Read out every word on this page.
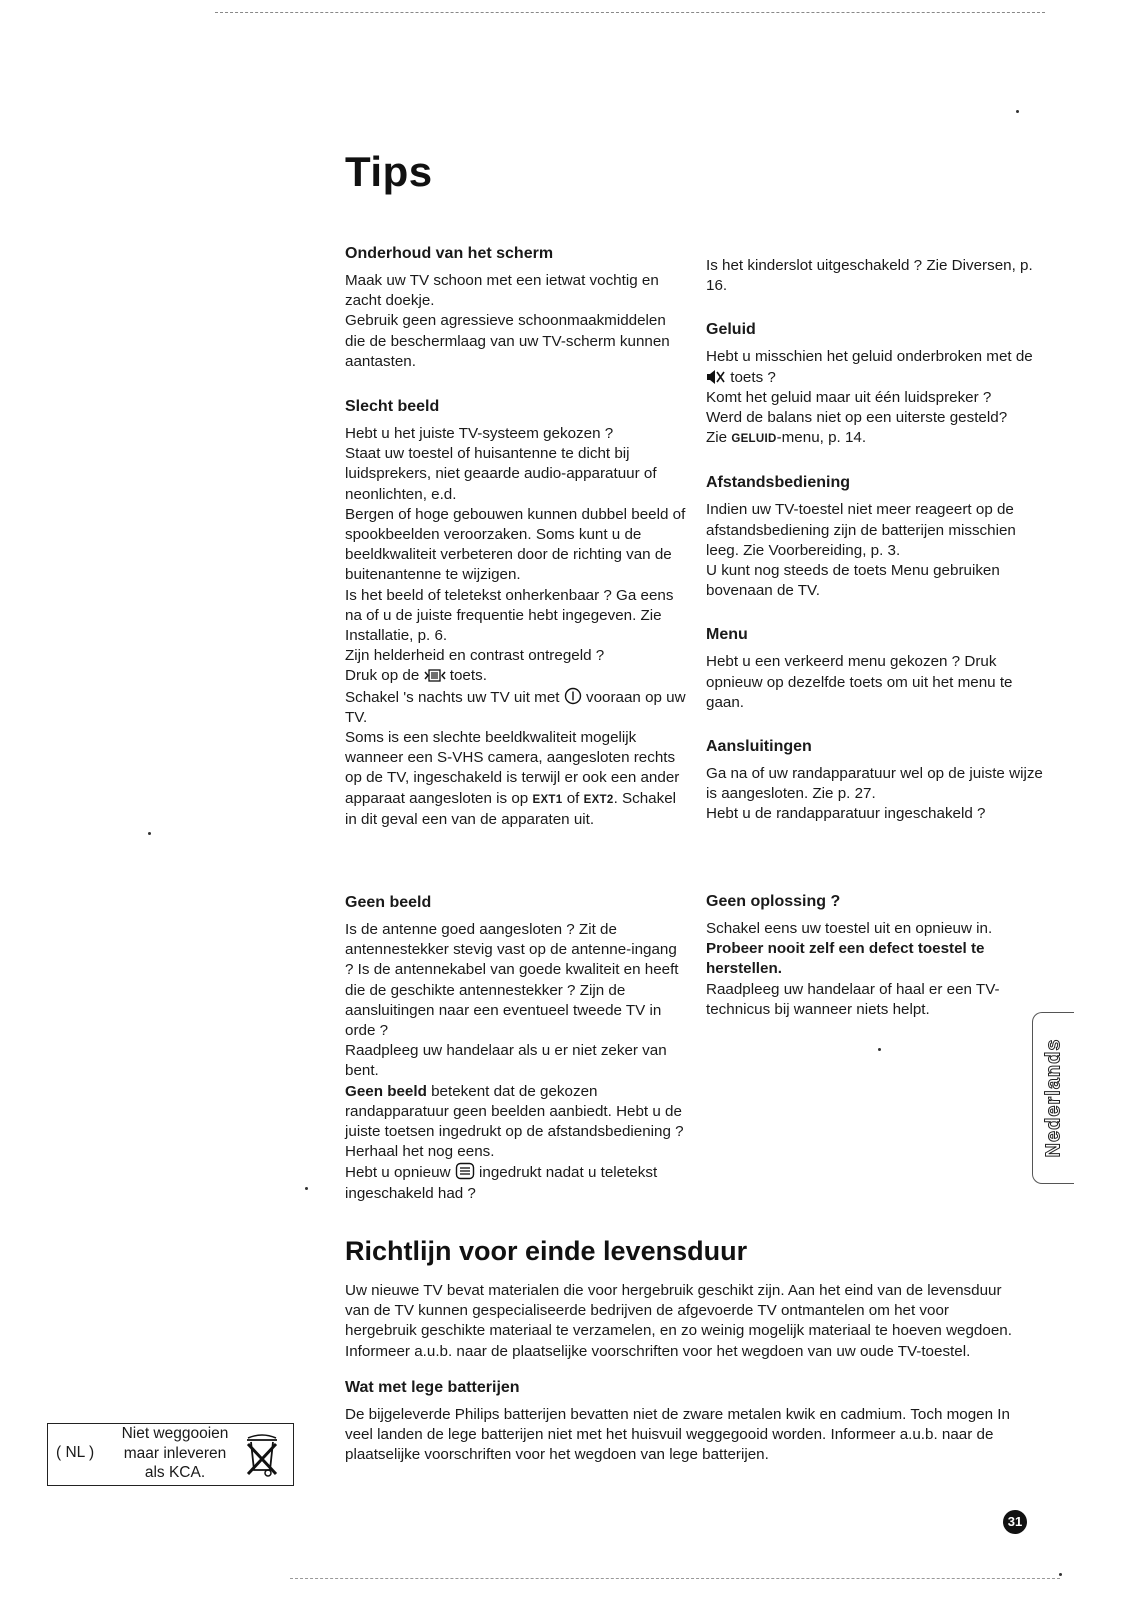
Tips
Onderhoud van het scherm

Maak uw TV schoon met een ietwat vochtig en zacht doekje.

Gebruik geen agressieve schoonmaakmiddelen die de beschermlaag van uw TV-scherm kunnen aantasten.

Slecht beeld

Hebt u het juiste TV-systeem gekozen ?

Staat uw toestel of huisantenne te dicht bij luidsprekers, niet geaarde audio-apparatuur of neonlichten, e.d.

Bergen of hoge gebouwen kunnen dubbel beeld of spookbeelden veroorzaken. Soms kunt u de beeldkwaliteit verbeteren door de richting van de buitenantenne te wijzigen.

Is het beeld of teletekst onherkenbaar ? Ga eens na of u de juiste frequentie hebt ingegeven. Zie Installatie, p. 6.

Zijn helderheid en contrast ontregeld ?

Druk op de toets.

Schakel 's nachts uw TV uit met vooraan op uw TV.

Soms is een slechte beeldkwaliteit mogelijk wanneer een S-VHS camera, aangesloten rechts op de TV, ingeschakeld is terwijl er ook een ander apparaat aangesloten is op EXT1 of EXT2. Schakel in dit geval een van de apparaten uit.

Geen beeld

Is de antenne goed aangesloten ? Zit de antennestekker stevig vast op de antenne-ingang ? Is de antennekabel van goede kwaliteit en heeft die de geschikte antennestekker ? Zijn de aansluitingen naar een eventueel tweede TV in orde ?

Raadpleeg uw handelaar als u er niet zeker van bent.

Geen beeld betekent dat de gekozen randapparatuur geen beelden aanbiedt. Hebt u de juiste toetsen ingedrukt op de afstandsbediening ? Herhaal het nog eens.

Hebt u opnieuw ingedrukt nadat u teletekst ingeschakeld had ?

Is het kinderslot uitgeschakeld ? Zie Diversen, p. 16.

Geluid

Hebt u misschien het geluid onderbroken met de  toets ?

Komt het geluid maar uit één luidspreker ?

Werd de balans niet op een uiterste gesteld?

Zie GELUID-menu, p. 14.

Afstandsbediening

Indien uw TV-toestel niet meer reageert op de afstandsbediening zijn de batterijen misschien leeg. Zie Voorbereiding, p. 3.

U kunt nog steeds de toets Menu gebruiken bovenaan de TV.

Menu

Hebt u een verkeerd menu gekozen ? Druk opnieuw op dezelfde toets om uit het menu te gaan.

Aansluitingen

Ga na of uw randapparatuur wel op de juiste wijze is aangesloten. Zie p. 27.

Hebt u de randapparatuur ingeschakeld ?

Geen oplossing ?

Schakel eens uw toestel uit en opnieuw in.

Probeer nooit zelf een defect toestel te herstellen.

Raadpleeg uw handelaar of haal er een TV-technicus bij wanneer niets helpt.

Nederlands
Richtlijn voor einde levensduur

Uw nieuwe TV bevat materialen die voor hergebruik geschikt zijn. Aan het eind van de levensduur van de TV kunnen gespecialiseerde bedrijven de afgevoerde TV ontmantelen om het voor hergebruik geschikte materiaal te verzamelen, en zo weinig mogelijk materiaal te hoeven wegdoen. Informeer a.u.b. naar de plaatselijke voorschriften voor het wegdoen van uw oude TV-toestel.

Wat met lege batterijen

De bijgeleverde Philips batterijen bevatten niet de zware metalen kwik en cadmium. Toch mogen In veel landen de lege batterijen niet met het huisvuil weggegooid worden. Informeer a.u.b. naar de plaatselijke voorschriften voor het wegdoen van lege batterijen.

( NL )
Niet weggooien
maar inleveren
als KCA.
31
